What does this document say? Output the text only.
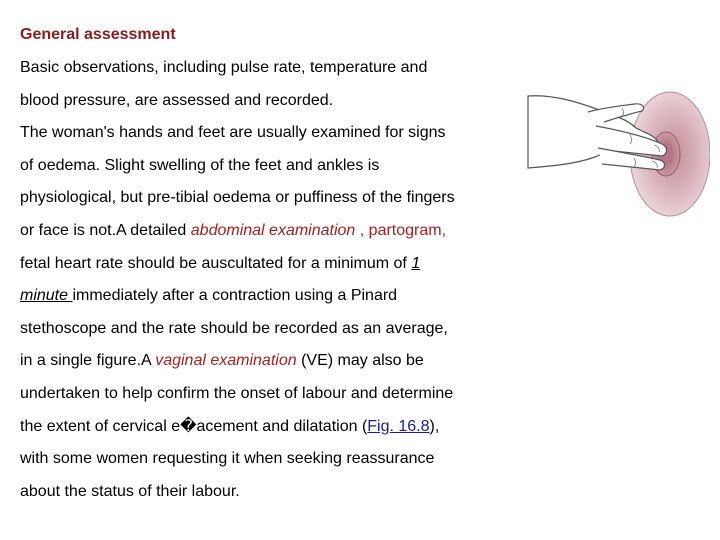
General assessment
Basic observations, including pulse rate, temperature and
blood pressure, are assessed and recorded.
The woman's hands and feet are usually examined for signs
of oedema. Slight swelling of the feet and ankles is
physiological, but pre-tibial oedema or puffiness of the fingers
or face is not.A detailed abdominal examination , partogram,
fetal heart rate should be auscultated for a minimum of 1
minute immediately after a contraction using a Pinard
stethoscope and the rate should be recorded as an average,
in a single figure.A vaginal examination (VE) may also be
undertaken to help confirm the onset of labour and determine
the extent of cervical e�acement and dilatation (Fig. 16.8),
with some women requesting it when seeking reassurance
about the status of their labour.
